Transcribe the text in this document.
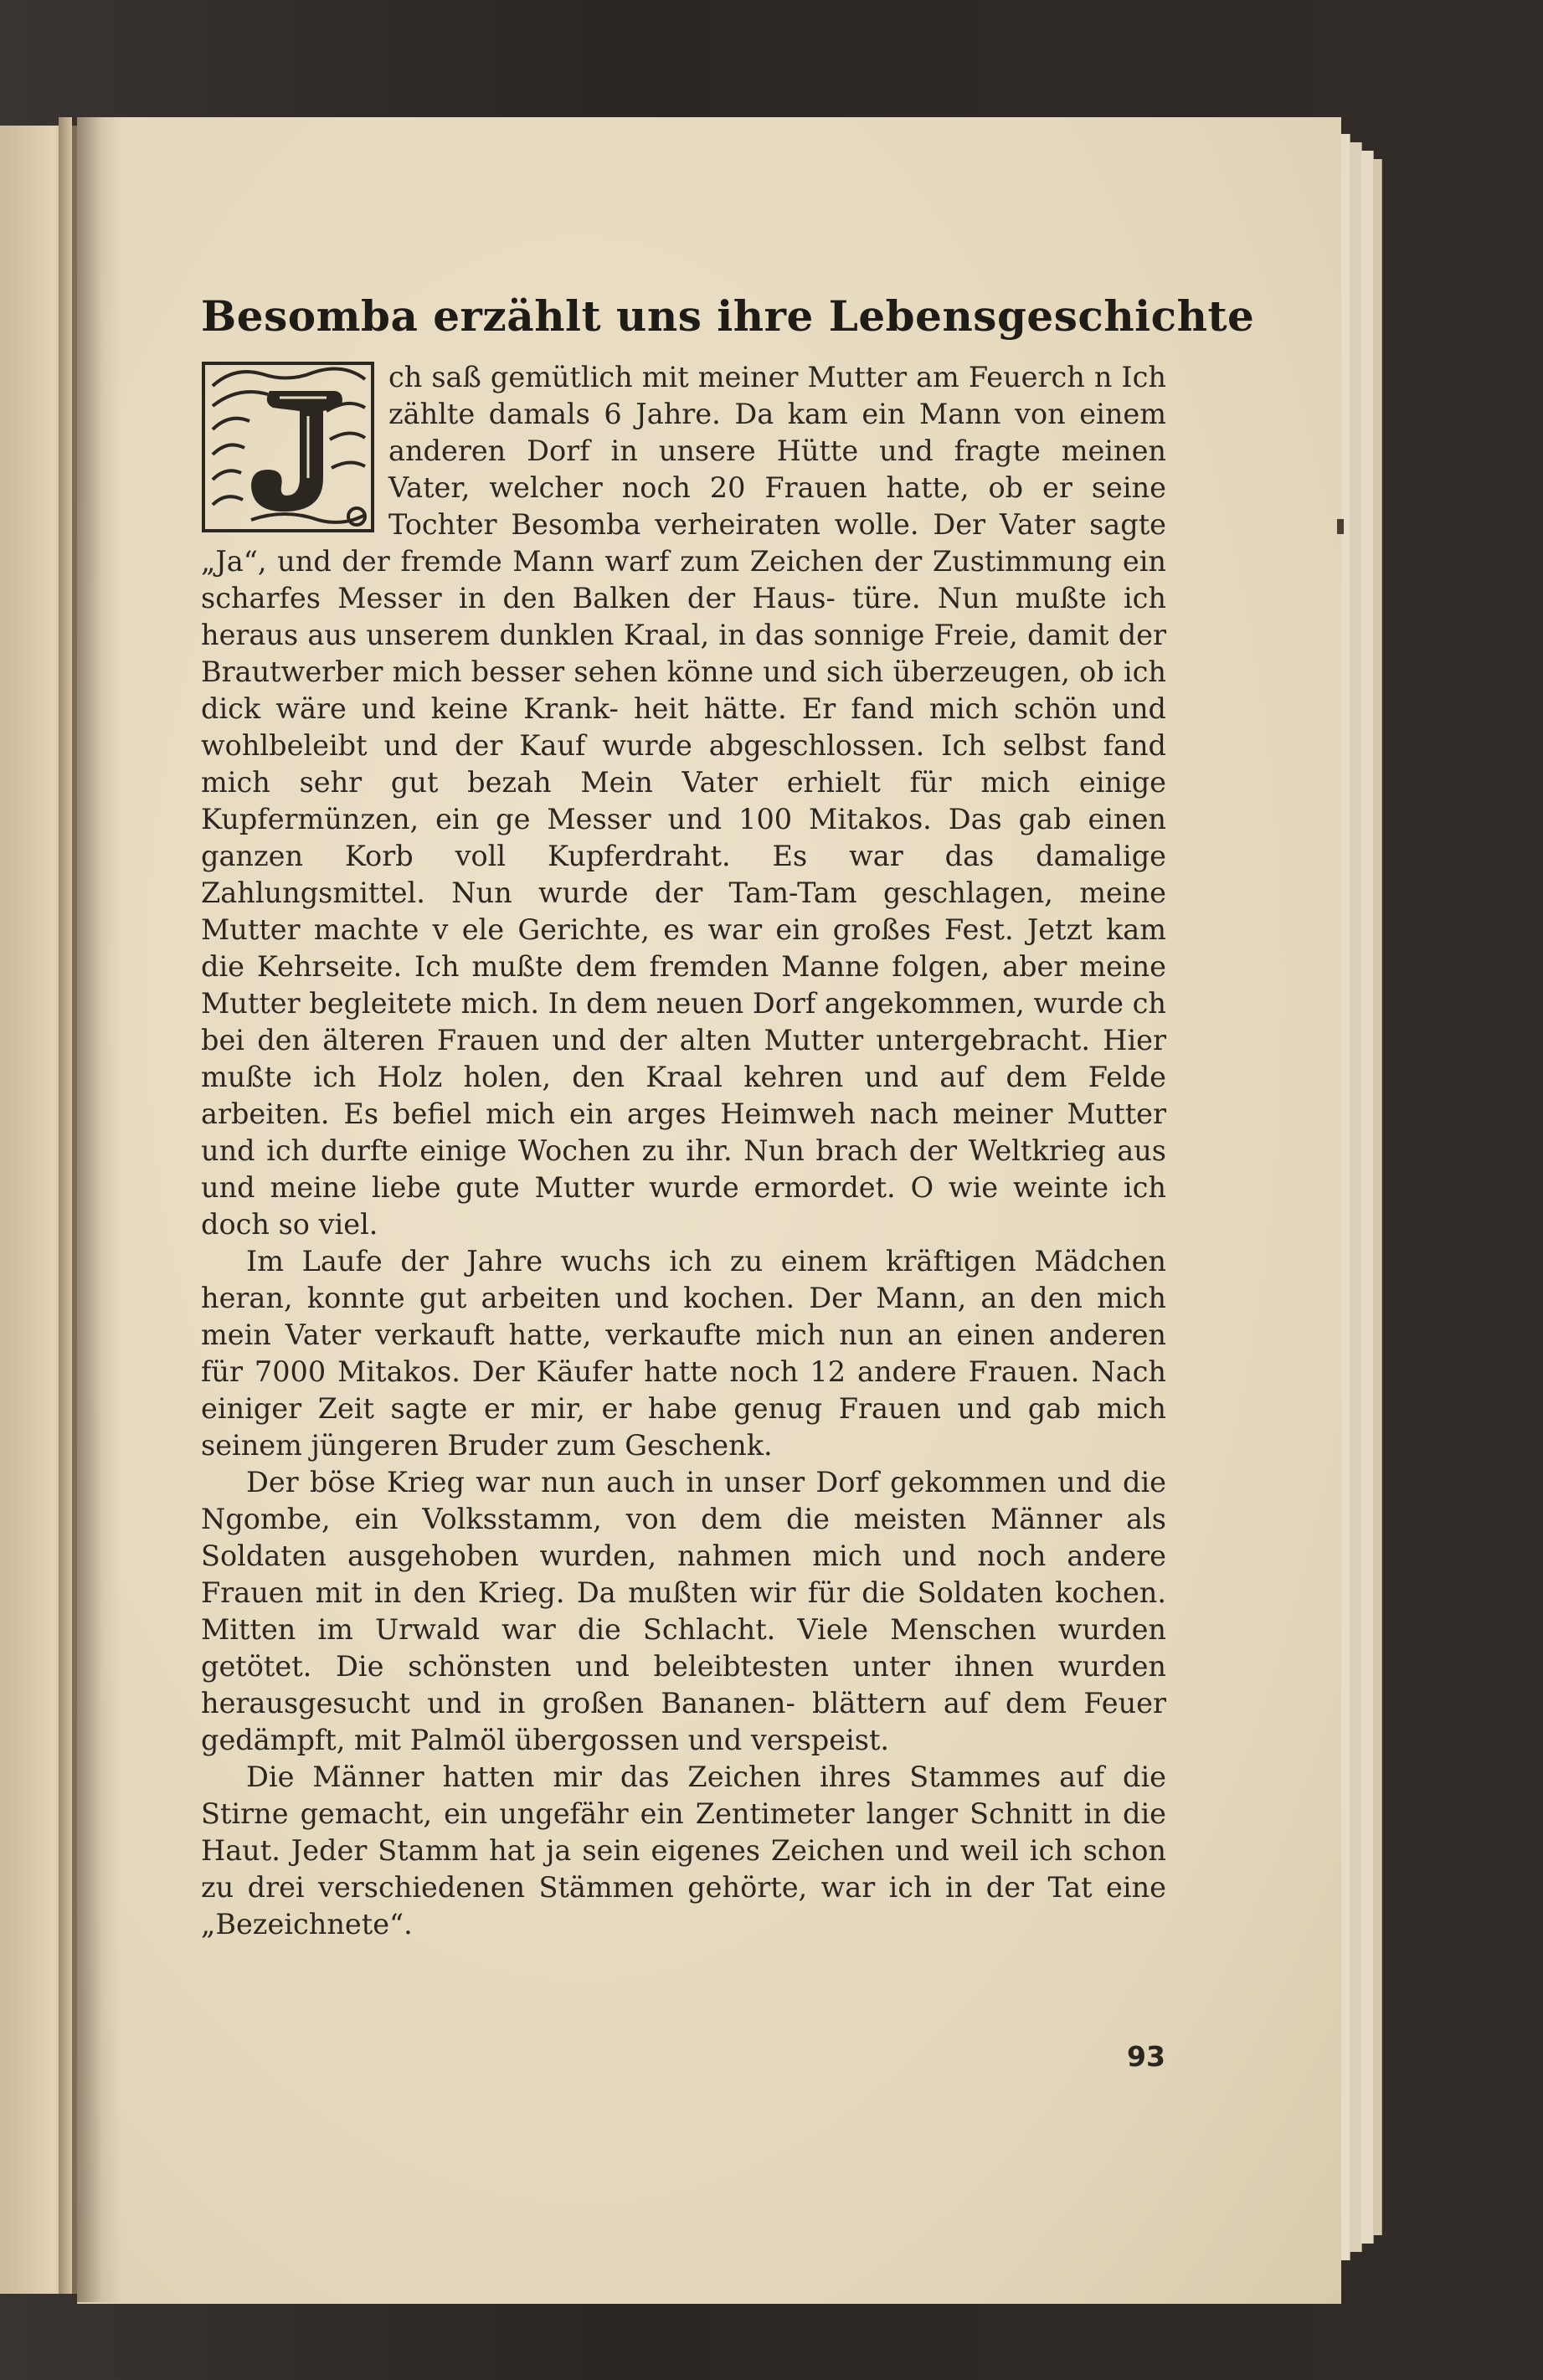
Besomba erzählt uns ihre Lebensgeschichte

ch saß gemütlich mit meiner Mutter am Feuerch n Ich zählte damals 6 Jahre. Da kam ein Mann von einem anderen Dorf in unsere Hütte und fragte meinen Vater, welcher noch 20 Frauen hatte, ob er seine Tochter Besomba verheiraten wolle. Der Vater sagte „Ja“, und der fremde Mann warf zum Zeichen der Zustimmung ein scharfes Messer in den Balken der Haus- türe. Nun mußte ich heraus aus unserem dunklen Kraal, in das sonnige Freie, damit der Brautwerber mich besser sehen könne und sich überzeugen, ob ich dick wäre und keine Krank- heit hätte. Er fand mich schön und wohlbeleibt und der Kauf wurde abgeschlossen. Ich selbst fand mich sehr gut bezah Mein Vater erhielt für mich einige Kupfermünzen, ein ge Messer und 100 Mitakos. Das gab einen ganzen Korb voll Kupferdraht. Es war das damalige Zahlungsmittel. Nun wurde der Tam-Tam geschlagen, meine Mutter machte v ele Gerichte, es war ein großes Fest. Jetzt kam die Kehrseite. Ich mußte dem fremden Manne folgen, aber meine Mutter begleitete mich. In dem neuen Dorf angekommen, wurde ch bei den älteren Frauen und der alten Mutter untergebracht. Hier mußte ich Holz holen, den Kraal kehren und auf dem Felde arbeiten. Es befiel mich ein arges Heimweh nach meiner Mutter und ich durfte einige Wochen zu ihr. Nun brach der Weltkrieg aus und meine liebe gute Mutter wurde ermordet. O wie weinte ich doch so viel.

Im Laufe der Jahre wuchs ich zu einem kräftigen Mädchen heran, konnte gut arbeiten und kochen. Der Mann, an den mich mein Vater verkauft hatte, verkaufte mich nun an einen anderen für 7000 Mitakos. Der Käufer hatte noch 12 andere Frauen. Nach einiger Zeit sagte er mir, er habe genug Frauen und gab mich seinem jüngeren Bruder zum Geschenk.

Der böse Krieg war nun auch in unser Dorf gekommen und die Ngombe, ein Volksstamm, von dem die meisten Männer als Soldaten ausgehoben wurden, nahmen mich und noch andere Frauen mit in den Krieg. Da mußten wir für die Soldaten kochen. Mitten im Urwald war die Schlacht. Viele Menschen wurden getötet. Die schönsten und beleibtesten unter ihnen wurden herausgesucht und in großen Bananen- blättern auf dem Feuer gedämpft, mit Palmöl übergossen und verspeist.

Die Männer hatten mir das Zeichen ihres Stammes auf die Stirne gemacht, ein ungefähr ein Zentimeter langer Schnitt in die Haut. Jeder Stamm hat ja sein eigenes Zeichen und weil ich schon zu drei verschiedenen Stämmen gehörte, war ich in der Tat eine „Bezeichnete“.

93
